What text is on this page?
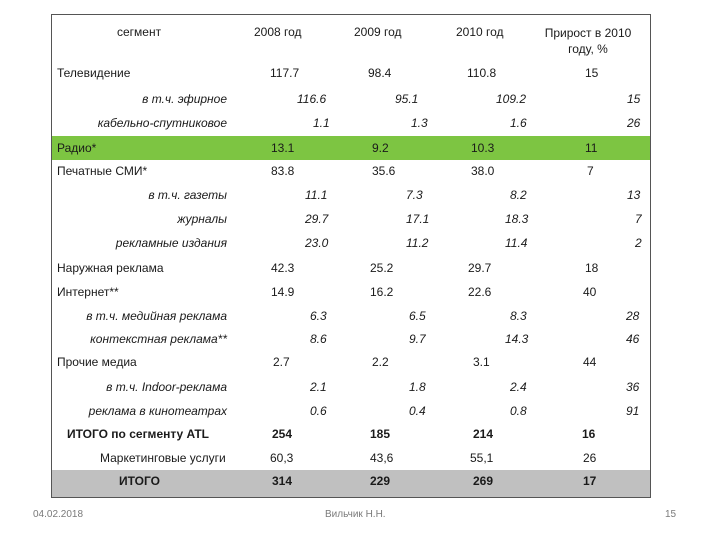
сегмент	2008 год	2009 год	2010 год	Прирост в 2010 году, %
Телевидение	117.7	98.4	110.8	15
в т.ч. эфирное	116.6	95.1	109.2	15
кабельно-спутниковое	1.1	1.3	1.6	26
Радио*	13.1	9.2	10.3	11
Печатные СМИ*	83.8	35.6	38.0	7
в т.ч. газеты	11.1	7.3	8.2	13
журналы	29.7	17.1	18.3	7
рекламные издания	23.0	11.2	11.4	2
Наружная реклама	42.3	25.2	29.7	18
Интернет**	14.9	16.2	22.6	40
в т.ч. медийная реклама	6.3	6.5	8.3	28
контекстная реклама**	8.6	9.7	14.3	46
Прочие медиа	2.7	2.2	3.1	44
в т.ч. Indoor-реклама	2.1	1.8	2.4	36
реклама в кинотеатрах	0.6	0.4	0.8	91
ИТОГО по сегменту ATL	254	185	214	16
Маркетинговые услуги	60,3	43,6	55,1	26
ИТОГО	314	229	269	17
04.02.2018	Вильчик Н.Н.	15
